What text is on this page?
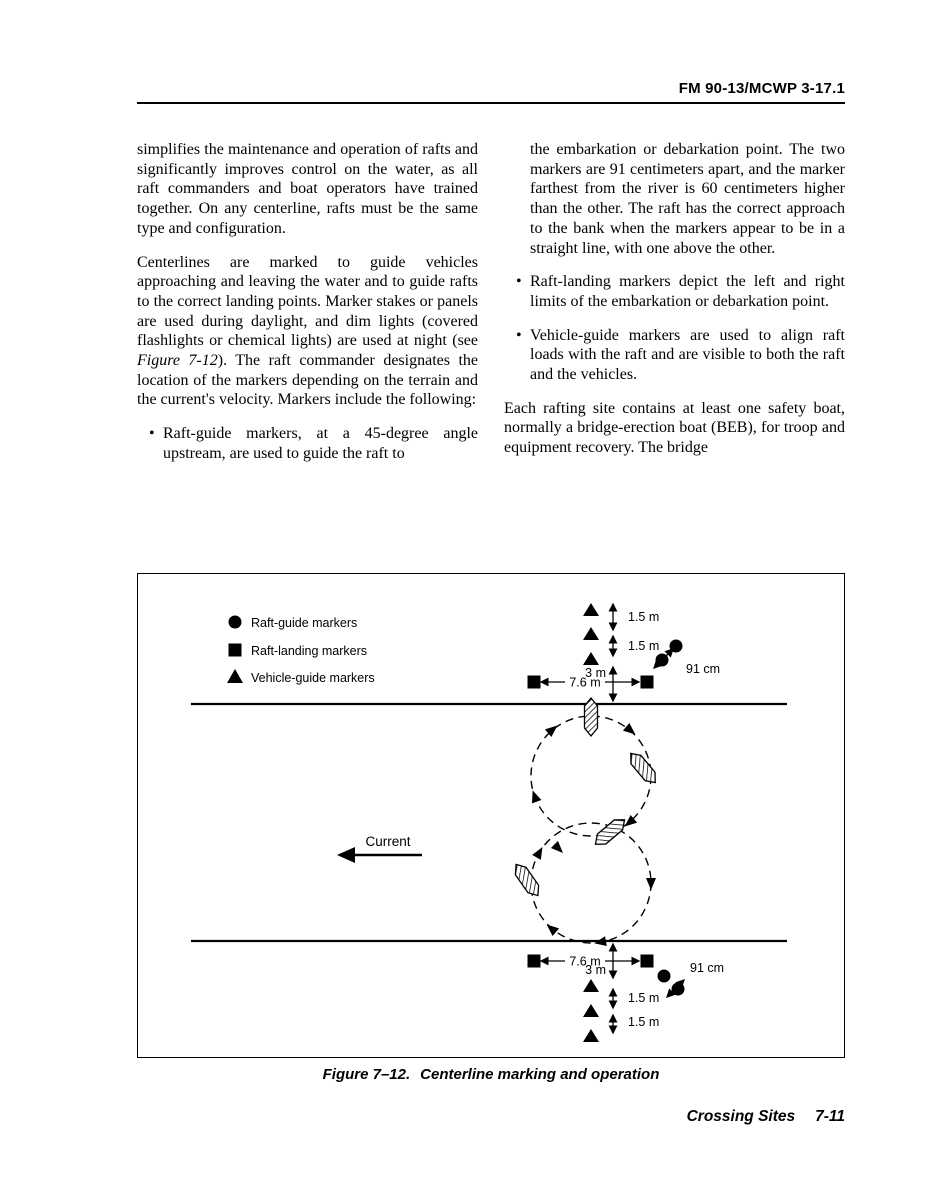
FM 90-13/MCWP 3-17.1

simplifies the maintenance and operation of rafts and significantly improves control on the water, as all raft commanders and boat operators have trained together. On any centerline, rafts must be the same type and configuration.

Centerlines are marked to guide vehicles approaching and leaving the water and to guide rafts to the correct landing points. Marker stakes or panels are used during daylight, and dim lights (covered flashlights or chemical lights) are used at night (see Figure 7-12). The raft commander designates the location of the markers depending on the terrain and the current's velocity. Markers include the following:

• Raft-guide markers, at a 45-degree angle upstream, are used to guide the raft to

the embarkation or debarkation point. The two markers are 91 centimeters apart, and the marker farthest from the river is 60 centimeters higher than the other. The raft has the correct approach to the bank when the markers appear to be in a straight line, with one above the other.

• Raft-landing markers depict the left and right limits of the embarkation or debarkation point.
• Vehicle-guide markers are used to align raft loads with the raft and are visible to both the raft and the vehicles.

Each rafting site contains at least one safety boat, normally a bridge-erection boat (BEB), for troop and equipment recovery. The bridge

Raft-guide markers
Raft-landing markers
Vehicle-guide markers
1.5 m
1.5 m
3 m
7.6 m
91 cm
Current
7.6 m
3 m	91 cm
1.5 m
1.5 m
Figure 7–12. Centerline marking and operation
Crossing Sites 7-11
